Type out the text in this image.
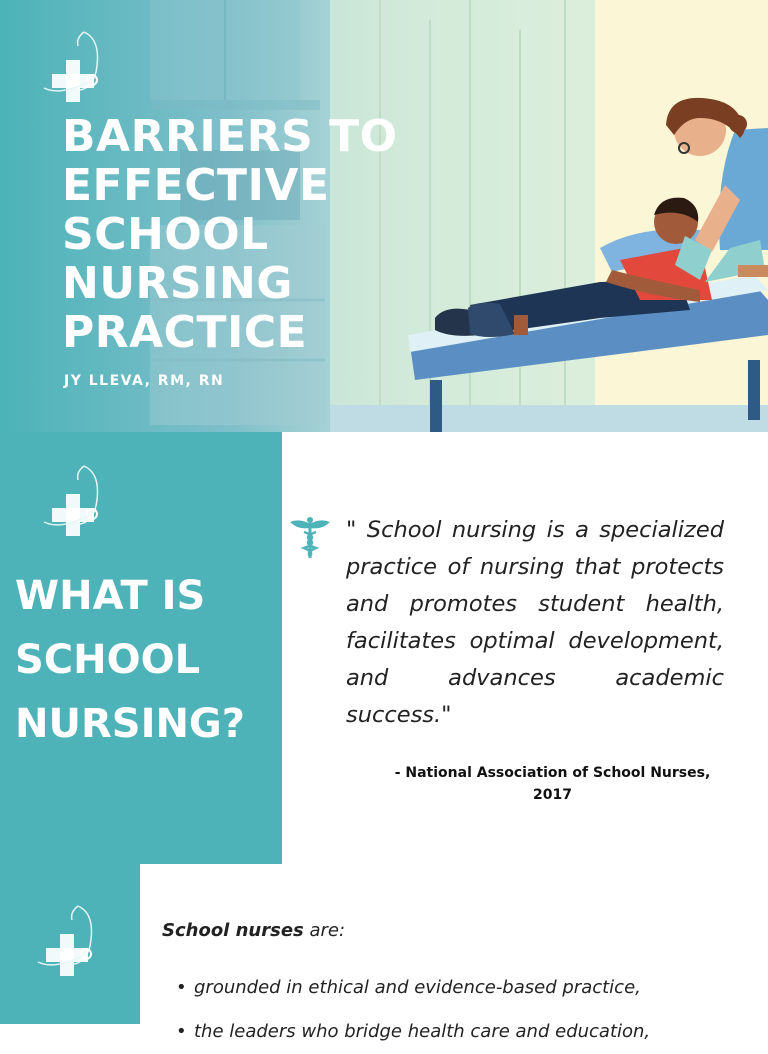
BARRIERS TO
EFFECTIVE
SCHOOL
NURSING
PRACTICE
JY LLEVA, RM, RN
WHAT IS
SCHOOL
NURSING?
" School nursing is a specialized
practice of nursing that protects
and promotes student health,
facilitates optimal development,
and advances academic
success."
- National Association of School Nurses,
2017

School nurses are:

• grounded in ethical and evidence-based practice,
• the leaders who bridge health care and education,
